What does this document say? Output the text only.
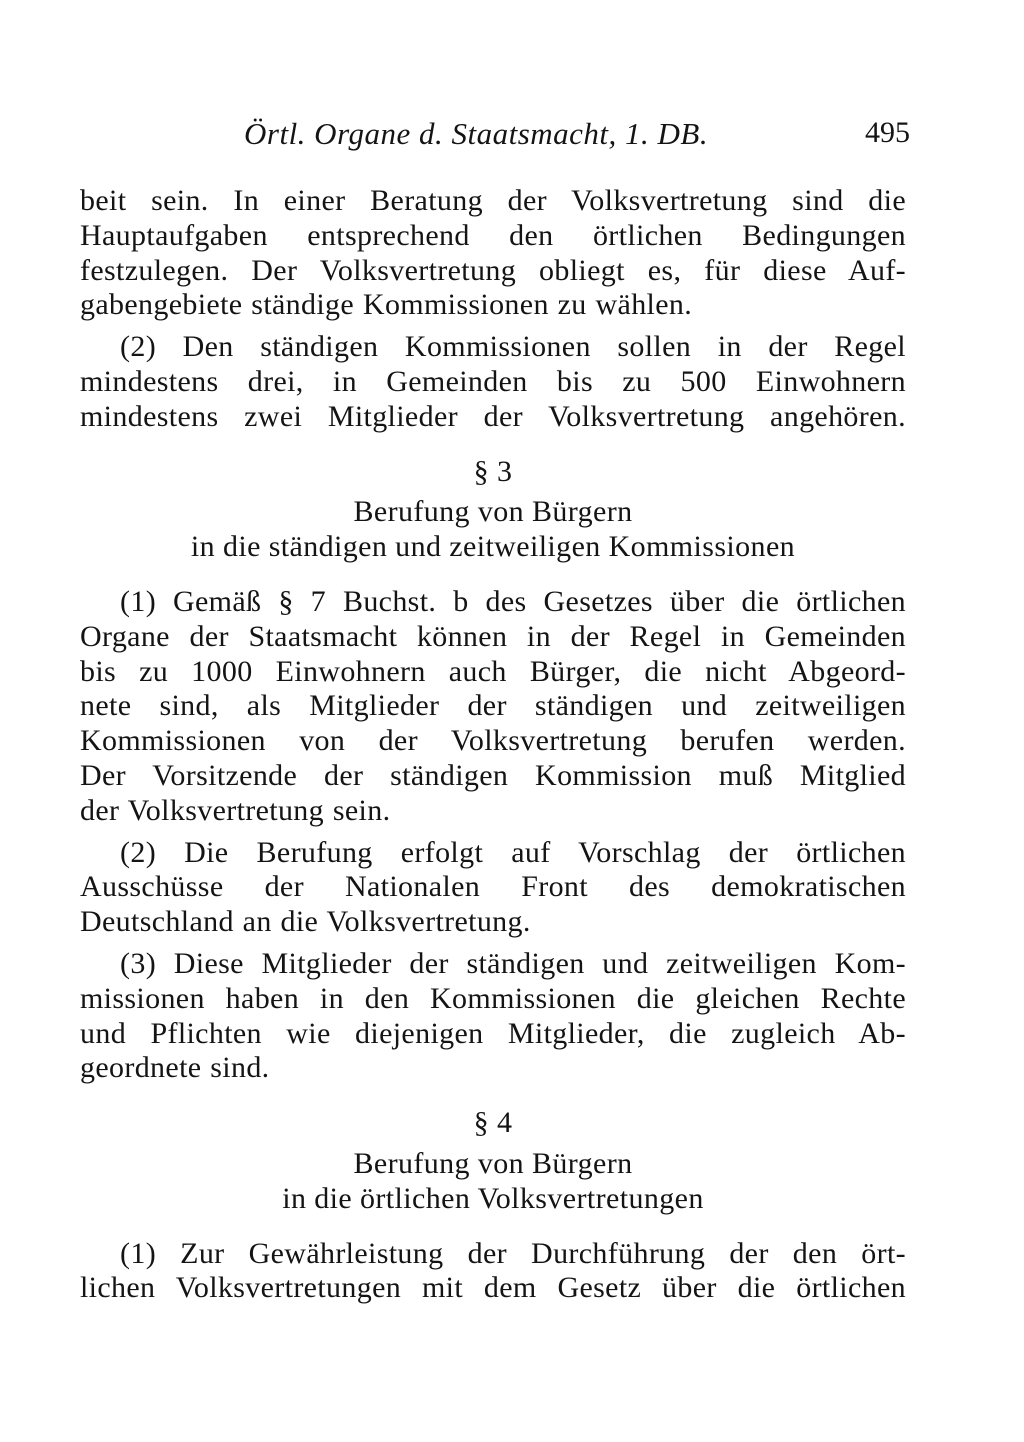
Örtl. Organe d. Staatsmacht, 1. DB.	495

beit sein. In einer Beratung der Volksvertretung sind die
Hauptaufgaben entsprechend den örtlichen Bedingungen
festzulegen. Der Volksvertretung obliegt es, für diese Auf-
gabengebiete ständige Kommissionen zu wählen.

(2) Den ständigen Kommissionen sollen in der Regel
mindestens drei, in Gemeinden bis zu 500 Einwohnern
mindestens zwei Mitglieder der Volksvertretung angehören.

§ 3
Berufung von Bürgern
in die ständigen und zeitweiligen Kommissionen

(1) Gemäß § 7 Buchst. b des Gesetzes über die örtlichen
Organe der Staatsmacht können in der Regel in Gemeinden
bis zu 1000 Einwohnern auch Bürger, die nicht Abgeord-
nete sind, als Mitglieder der ständigen und zeitweiligen
Kommissionen von der Volksvertretung berufen werden.
Der Vorsitzende der ständigen Kommission muß Mitglied
der Volksvertretung sein.

(2) Die Berufung erfolgt auf Vorschlag der örtlichen
Ausschüsse der Nationalen Front des demokratischen
Deutschland an die Volksvertretung.

(3) Diese Mitglieder der ständigen und zeitweiligen Kom-
missionen haben in den Kommissionen die gleichen Rechte
und Pflichten wie diejenigen Mitglieder, die zugleich Ab-
geordnete sind.

§ 4
Berufung von Bürgern
in die örtlichen Volksvertretungen

(1) Zur Gewährleistung der Durchführung der den ört-
lichen Volksvertretungen mit dem Gesetz über die örtlichen
